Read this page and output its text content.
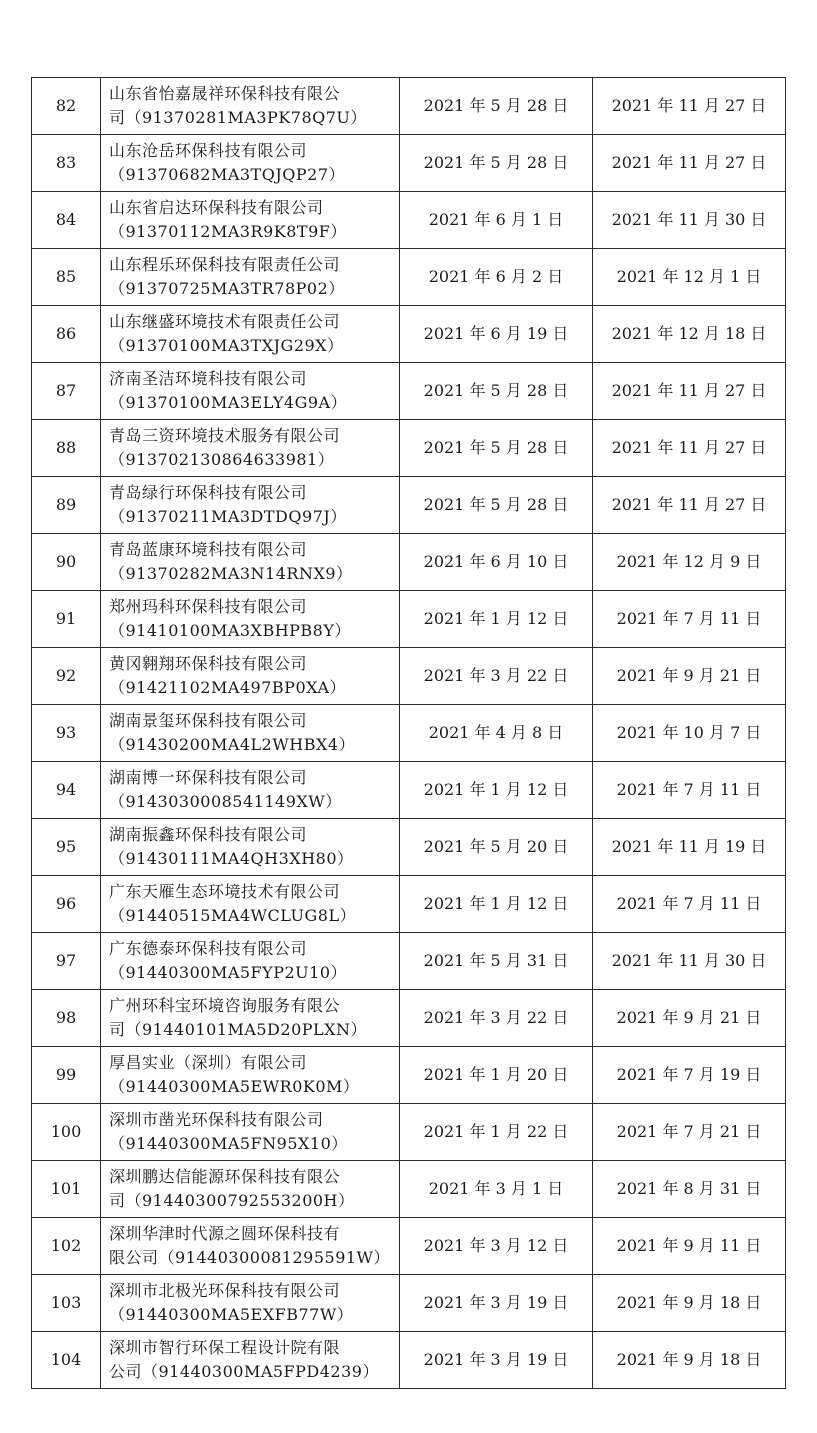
82	山东省怡嘉晟祥环保科技有限公
司（91370281MA3PK78Q7U）	2021 年 5 月 28 日	2021 年 11 月 27 日
83	山东沧岳环保科技有限公司
（91370682MA3TQJQP27）	2021 年 5 月 28 日	2021 年 11 月 27 日
84	山东省启达环保科技有限公司
（91370112MA3R9K8T9F）	2021 年 6 月 1 日	2021 年 11 月 30 日
85	山东程乐环保科技有限责任公司
（91370725MA3TR78P02）	2021 年 6 月 2 日	2021 年 12 月 1 日
86	山东继盛环境技术有限责任公司
（91370100MA3TXJG29X）	2021 年 6 月 19 日	2021 年 12 月 18 日
87	济南圣洁环境科技有限公司
（91370100MA3ELY4G9A）	2021 年 5 月 28 日	2021 年 11 月 27 日
88	青岛三资环境技术服务有限公司
（913702130864633981）	2021 年 5 月 28 日	2021 年 11 月 27 日
89	青岛绿行环保科技有限公司
（91370211MA3DTDQ97J）	2021 年 5 月 28 日	2021 年 11 月 27 日
90	青岛蓝康环境科技有限公司
（91370282MA3N14RNX9）	2021 年 6 月 10 日	2021 年 12 月 9 日
91	郑州玛科环保科技有限公司
（91410100MA3XBHPB8Y）	2021 年 1 月 12 日	2021 年 7 月 11 日
92	黄冈翱翔环保科技有限公司
（91421102MA497BP0XA）	2021 年 3 月 22 日	2021 年 9 月 21 日
93	湖南景玺环保科技有限公司
（91430200MA4L2WHBX4）	2021 年 4 月 8 日	2021 年 10 月 7 日
94	湖南博一环保科技有限公司
（9143030008541149XW）	2021 年 1 月 12 日	2021 年 7 月 11 日
95	湖南振鑫环保科技有限公司
（91430111MA4QH3XH80）	2021 年 5 月 20 日	2021 年 11 月 19 日
96	广东天雁生态环境技术有限公司
（91440515MA4WCLUG8L）	2021 年 1 月 12 日	2021 年 7 月 11 日
97	广东德泰环保科技有限公司
（91440300MA5FYP2U10）	2021 年 5 月 31 日	2021 年 11 月 30 日
98	广州环科宝环境咨询服务有限公
司（91440101MA5D20PLXN）	2021 年 3 月 22 日	2021 年 9 月 21 日
99	厚昌实业（深圳）有限公司
（91440300MA5EWR0K0M）	2021 年 1 月 20 日	2021 年 7 月 19 日
100	深圳市凿光环保科技有限公司
（91440300MA5FN95X10）	2021 年 1 月 22 日	2021 年 7 月 21 日
101	深圳鹏达信能源环保科技有限公
司（91440300792553200H）	2021 年 3 月 1 日	2021 年 8 月 31 日
102	深圳华津时代源之圆环保科技有
限公司（91440300081295591W）	2021 年 3 月 12 日	2021 年 9 月 11 日
103	深圳市北极光环保科技有限公司
（91440300MA5EXFB77W）	2021 年 3 月 19 日	2021 年 9 月 18 日
104	深圳市智行环保工程设计院有限
公司（91440300MA5FPD4239）	2021 年 3 月 19 日	2021 年 9 月 18 日
